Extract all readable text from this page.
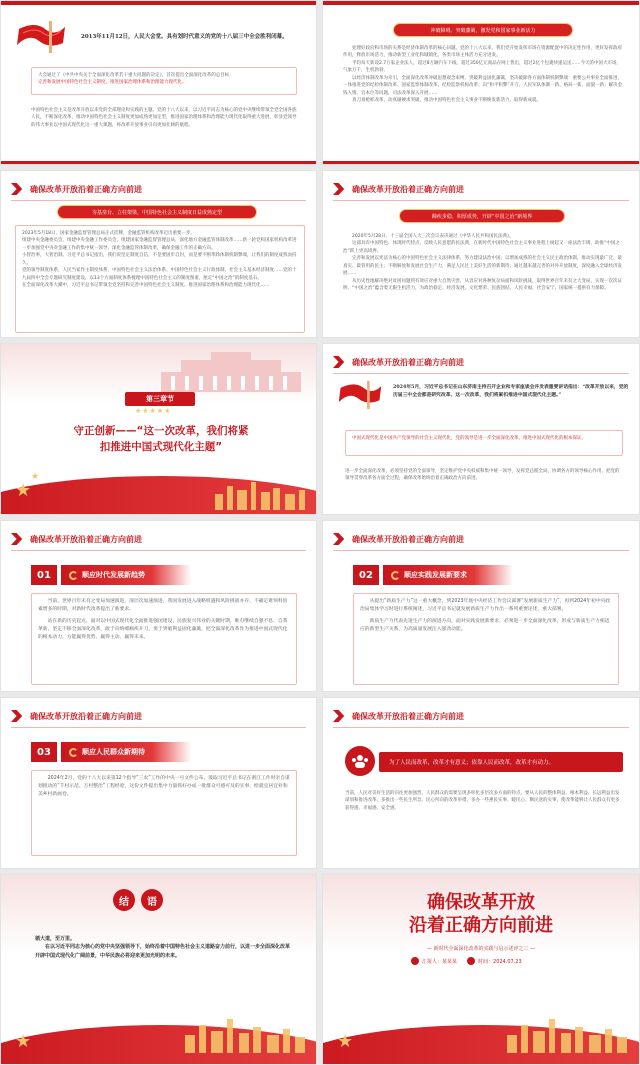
2013年11月12日，人民大会堂。具有划时代意义的党的十八届三中全会胜利闭幕。
大会通过了《中共中央关于全面深化改革若干重大问题的决定》，首次提出全面深化改革的总目标：
完善和发展中国特色社会主义制度，推进国家治理体系和治理能力现代化。
中国特色社会主义是改革开放以来党的全部理论和实践的主题。党的十八大以来，以习近平同志为核心的党中央继续带领全党全国各族人民，不断深化改革，推动中国特色社会主义制度更加成熟更加定型，推进国家治理体系和治理能力现代化取得重大进展，彰显党领导的伟大事业以中国式现代化这一重大课题，将改革开放事业引向更加壮阔的航程。
冲破障碍、突破藩篱，激发党和国家事业新活力

处理好政府和市场的关系是经济体制改革的核心问题。党的十八大以来，我们党开始发挥市场在资源配置中的决定性作用，更好发挥政府作用，释放市场活力，推动新型工业化和城镇化，各类市场主体活力充分迸发。

平均每天新设2.7万家企业法人，超过8万辆汽车下线，超过350亿元商品在网上售出，超过2亿个包裹快递运送……今天的中国大市场，气象万千，生机勃勃。

以经济体制改革为牵引，全面深化改革冲破思想观念束缚，突破利益固化藩篱，坚决破除各方面体制机制弊端：重要公共事业全面推进，一体推进党的纪检体制改革、国家监察体制改革、纪检监察机构改革；向“和平积弊”开刀，人民军队体制一新、格局一新、面貌一新；解决金钱人情、官本位等问题，司法改革深入开展……

真刀真枪抓改革，动真碰硬求突破，推动中国特色社会主义事业不断焕发新活力、取得新成就。

确保改革开放沿着正确方向前进
夯基垒台、立柱架梁，中国特色社会主义制度日益成熟定型

2023年5月18日，国家金融监督管理总局正式挂牌，金融监管机构改革迈出重要一步。

组建中央金融委员会，组建中央金融工作委员会，组建国家金融监督管理总局，深化地方金融监管体制改革……新一轮党和国家机构改革进一步加强党中央对金融工作的集中统一领导，深化金融监管体制改革，确保金融工作的正确方向。

小智治事，大智治制。习近平总书记指出，我们说坚定制度自信，不是要固步自封，而是要不断革除体制机制弊端，让我们的制度成熟而持久。

党的领导制度体系，人民当家作主制度体系，中国特色社会主义法治体系、中国特色社会主义行政体制、社会主义基本经济制度……党的十九届四中全会专题研究制度建设，以13个方面制度体系梳理中国特色社会主义的制度图谱，厘定“中国之治”的制度基石。

在全面深化改革大潮中，习近平总书记带领全党坚持和完善中国特色社会主义制度、推进国家治理体系和治理能力现代化……

确保改革开放沿着正确方向前进
蹄疾步稳、积厚成势，开辟“中国之治”新境界

2020年5月28日，十三届全国人大三次会议表决通过《中华人民共和国民法典》。

这部具有中国特色、体现时代特点、反映人民意愿的民法典，在新时代中国特色社会主义事业进程上树起又一座法治丰碑，助推“中国之治”跃上更高境界。

完善和发展以宪法为核心的中国特色社会主义法律体系，努力建设法治中国；以增加成熟的社会主义民主政治体制，推动实现最广泛、最真实、最管用的民主；不断解放和发展社会生产力，满足人民过上美好生活的新期待；通过越来越完善的对外开放制度，深度融入全球经济发展……

从历史性地解决绝对贫困问题到有效应对重大自然灾害，从容应对各种复杂局面和风险挑战，取得世界百年未有之大变局，实现一次次证明，“中国之治”蕴含着无限生机活力，为政治稳定、经济发展、文化繁荣、民族团结、人民幸福、社会安宁、国家统一提供有力保障。

第三章节
★★★★★
守正创新——“这一次改革，我们将紧
扣推进中国式现代化主题”
★
★
确保改革开放沿着正确方向前进
2024年5月，习近平总书记在山东济南主持召开企业和专家座谈会并发表重要讲话指出：“改革开放以来，党的历届三中全会都是研究改革、这一次改革，我们将紧扣推进中国式现代化主题。”
中国式现代化是中国共产党领导的社会主义现代化，党的领导是进一步全面深化改革、推进中国式现代化的根本保证。
进一步全面深化改革，必须坚持党的全面领导，坚定维护党中央权威和集中统一领导，发挥党总揽全局、协调各方的领导核心作用，把党的领导贯穿改革各方面全过程，确保改革始终沿着正确政治方向前进。
确保改革开放沿着正确方向前进
01	顺应时代发展新趋势

当前，世界百年未有之变局加速演进，深层次加速演进，我国发展进入战略机遇和风险挑战并存、不确定难预料因素增多的时期，对新时代改革提出了新要求。

站在新的历史起点，面对以中国式现代化全面推进强国建设、民族复兴伟业的关键时期，唯有继续自强不息、自我革新，坚定不移全面深化改革，敢于向纳瘴痼疾开刀，勇于突破利益固化藩篱，把全面深化改革作为推进中国式现代化的根本动力，方能赢得优势、赢得主动、赢得未来。

确保改革开放沿着正确方向前进
02	顺应实践发展新要求

从提出“新质生产力”这一重大概念，到2023年底中央经济工作会议部署“发展新质生产力”，再到2024年初中央政治局集体学习时进行系统阐述，习近平总书记就发展新质生产力作出一系列重要论述、重大部署。

新质生产力代表先进生产力的演进方向，面对实践发展新要求，必须进一步全面深化改革，形成与新质生产力相适应的新型生产关系，为高质量发展注入强劲动能。

确保改革开放沿着正确方向前进
03	顺应人民群众新期待

2024年2月，党的十八大以来第12个指导“三农”工作的中央一号文件公布。汲取习近平总书记在浙江工作时亲自谋划推动的“千村示范、万村整治”工程经验，这份文件提出集中力量抓好办成一批群众可感可及的实事，绘就宜居宜业和美乡村新画卷。

确保改革开放沿着正确方向前进
为了人民而改革，改革才有意义；依靠人民而改革，改革才有动力。
当前，人民对美好生活的向往更加强烈，人民群众的需要呈现多样化多层次多方面的特点，要从人民的整体利益、根本利益、长远利益出发谋划和推进改革，多推出一些民生所急、民心所向的改革举措，多办一些惠民实事、暖民心、顺民意的实事，使改革能够让人民群众有更多获得感、幸福感、安全感。
结	语

循大道，至万里。

在以习近平同志为核心的党中央坚强领导下，始终沿着中国特色社会主义道路奋力前行，以进一步全面深化改革开辟中国式现代化广阔前景，中华民族必将迎来更加光明的未来。

★
确保改革开放
沿着正确方向前进
— 新时代全面深化改革的实践与启示述评之三 —
汇报人：某某某	时间：2024.07.23
★
